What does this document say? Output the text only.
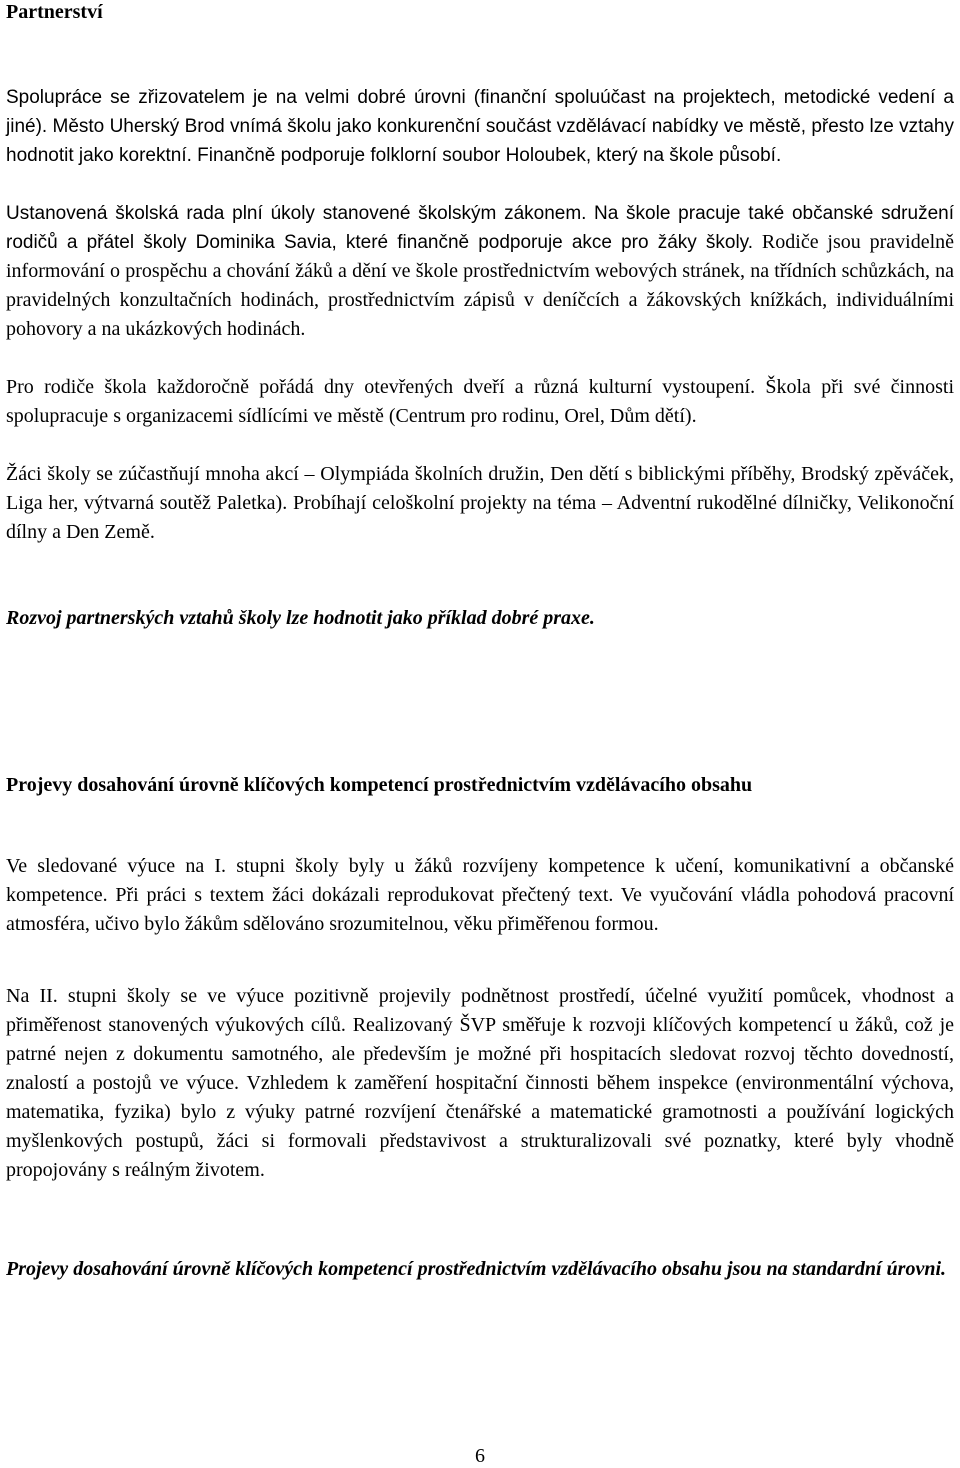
Partnerství

Spolupráce se zřizovatelem je na velmi dobré úrovni (finanční spoluúčast na projektech, metodické vedení a jiné). Město Uherský Brod vnímá školu jako konkurenční součást vzdělávací nabídky ve městě, přesto lze vztahy hodnotit jako korektní. Finančně podporuje folklorní soubor Holoubek, který na škole působí.

Ustanovená školská rada plní úkoly stanovené školským zákonem. Na škole pracuje také občanské sdružení rodičů a přátel školy Dominika Savia, které finančně podporuje akce pro žáky školy. Rodiče jsou pravidelně informování o prospěchu a chování žáků a dění ve škole prostřednictvím webových stránek, na třídních schůzkách, na pravidelných konzultačních hodinách, prostřednictvím zápisů v deníčcích a žákovských knížkách, individuálními pohovory a na ukázkových hodinách.

Pro rodiče škola každoročně pořádá dny otevřených dveří a různá kulturní vystoupení. Škola při své činnosti spolupracuje s organizacemi sídlícími ve městě (Centrum pro rodinu, Orel, Dům dětí).

Žáci školy se zúčastňují mnoha akcí – Olympiáda školních družin, Den dětí s biblickými příběhy, Brodský zpěváček, Liga her, výtvarná soutěž Paletka). Probíhají celoškolní projekty na téma – Adventní rukodělné dílničky, Velikonoční dílny a Den Země.

Rozvoj partnerských vztahů školy lze hodnotit jako příklad dobré praxe.
Projevy dosahování úrovně klíčových kompetencí prostřednictvím vzdělávacího obsahu

Ve sledované výuce na I. stupni školy byly u žáků rozvíjeny kompetence k učení, komunikativní a občanské kompetence. Při práci s textem žáci dokázali reprodukovat přečtený text. Ve vyučování vládla pohodová pracovní atmosféra, učivo bylo žákům sdělováno srozumitelnou, věku přiměřenou formou.

Na II. stupni školy se ve výuce pozitivně projevily podnětnost prostředí, účelné využití pomůcek, vhodnost a přiměřenost stanovených výukových cílů. Realizovaný ŠVP směřuje k rozvoji klíčových kompetencí u žáků, což je patrné nejen z dokumentu samotného, ale především je možné při hospitacích sledovat rozvoj těchto dovedností, znalostí a postojů ve výuce. Vzhledem k zaměření hospitační činnosti během inspekce (environmentální výchova, matematika, fyzika) bylo z výuky patrné rozvíjení čtenářské a matematické gramotnosti a používání logických myšlenkových postupů, žáci si formovali představivost a strukturalizovali své poznatky, které byly vhodně propojovány s reálným životem.

Projevy dosahování úrovně klíčových kompetencí prostřednictvím vzdělávacího obsahu jsou na standardní úrovni.
6
